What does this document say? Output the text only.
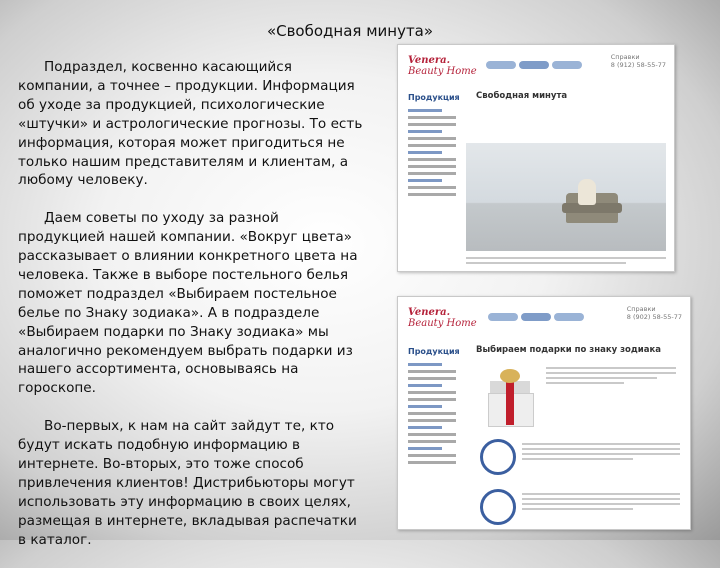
«Свободная минута»

Подраздел, косвенно касающийся компании, а точнее – продукции. Информация об уходе за продукцией, психологические «штучки» и астрологические прогнозы. То есть информация, которая может пригодиться не только нашим представителям и клиентам, а любому человеку.

Даем советы по уходу за разной продукцией нашей компании. «Вокруг цвета» рассказывает о влиянии конкретного цвета на человека. Также в выборе постельного белья поможет подраздел «Выбираем постельное белье по Знаку зодиака». А в подразделе «Выбираем подарки по Знаку зодиака» мы аналогично рекомендуем выбрать подарки из нашего ассортимента, основываясь на гороскопе.

Во-первых, к нам на сайт зайдут те, кто будут искать подобную информацию в интернете. Во-вторых, это тоже способ привлечения клиентов! Дистрибьюторы могут использовать эту информацию в своих целях, размещая в интернете, вкладывая распечатки в каталог.

Venera.
Beauty Home
Справки
8 (912) 58-55-77
Продукция Свободная минута
Venera.
Beauty Home
Справки
8 (902) 58-55-77
Продукция Выбираем подарки по знаку зодиака
